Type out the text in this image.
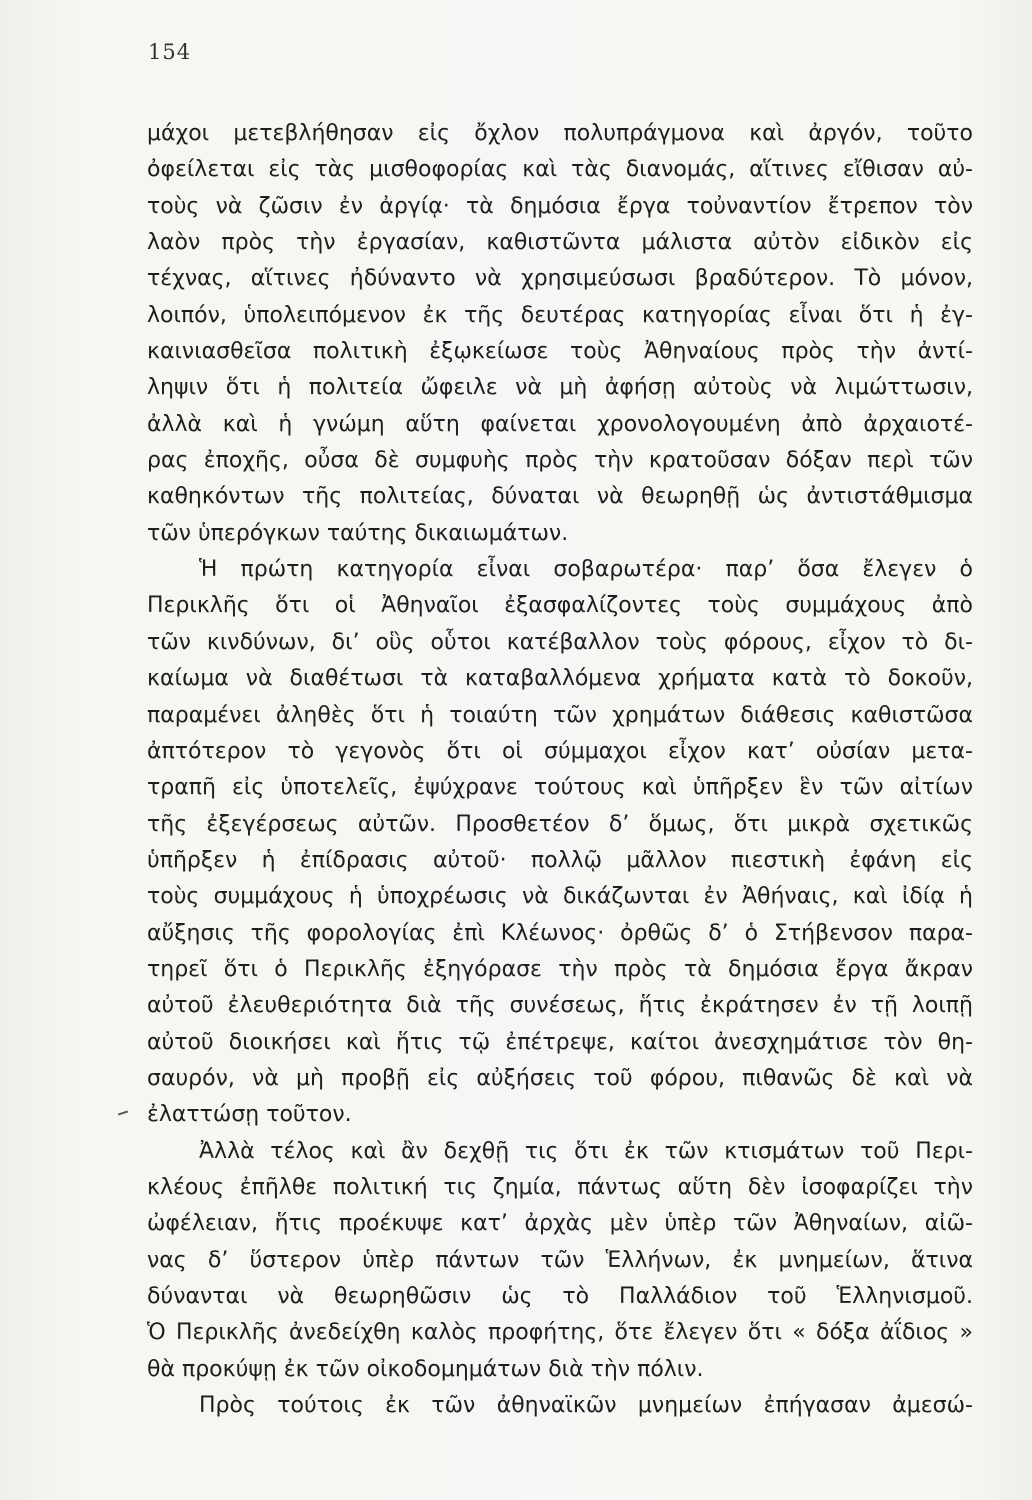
154
μάχοι μετεβλήθησαν εἰς ὄχλον πολυπράγμονα καὶ ἀργόν, τοῦτο
ὀφείλεται εἰς τὰς μισθοφορίας καὶ τὰς διανομάς, αἵτινες εἴθισαν αὐ-
τοὺς νὰ ζῶσιν ἐν ἀργίᾳ· τὰ δημόσια ἔργα τοὐναντίον ἔτρεπον τὸν
λαὸν πρὸς τὴν ἐργασίαν, καθιστῶντα μάλιστα αὐτὸν εἰδικὸν εἰς
τέχνας, αἵτινες ἠδύναντο νὰ χρησιμεύσωσι βραδύτερον. Τὸ μόνον,
λοιπόν, ὑπολειπόμενον ἐκ τῆς δευτέρας κατηγορίας εἶναι ὅτι ἡ ἐγ-
καινιασθεῖσα πολιτικὴ ἐξῳκείωσε τοὺς Ἀθηναίους πρὸς τὴν ἀντί-
ληψιν ὅτι ἡ πολιτεία ὤφειλε νὰ μὴ ἀφήσῃ αὐτοὺς νὰ λιμώττωσιν,
ἀλλὰ καὶ ἡ γνώμη αὕτη φαίνεται χρονολογουμένη ἀπὸ ἀρχαιοτέ-
ρας ἐποχῆς, οὖσα δὲ συμφυὴς πρὸς τὴν κρατοῦσαν δόξαν περὶ τῶν
καθηκόντων τῆς πολιτείας, δύναται νὰ θεωρηθῇ ὡς ἀντιστάθμισμα
τῶν ὑπερόγκων ταύτης δικαιωμάτων.
Ἡ πρώτη κατηγορία εἶναι σοβαρωτέρα· παρ’ ὅσα ἔλεγεν ὁ
Περικλῆς ὅτι οἱ Ἀθηναῖοι ἐξασφαλίζοντες τοὺς συμμάχους ἀπὸ
τῶν κινδύνων, δι’ οὓς οὗτοι κατέβαλλον τοὺς φόρους, εἶχον τὸ δι-
καίωμα νὰ διαθέτωσι τὰ καταβαλλόμενα χρήματα κατὰ τὸ δοκοῦν,
παραμένει ἀληθὲς ὅτι ἡ τοιαύτη τῶν χρημάτων διάθεσις καθιστῶσα
ἀπτότερον τὸ γεγονὸς ὅτι οἱ σύμμαχοι εἶχον κατ’ οὐσίαν μετα-
τραπῆ εἰς ὑποτελεῖς, ἐψύχρανε τούτους καὶ ὑπῆρξεν ἓν τῶν αἰτίων
τῆς ἐξεγέρσεως αὐτῶν. Προσθετέον δ’ ὅμως, ὅτι μικρὰ σχετικῶς
ὑπῆρξεν ἡ ἐπίδρασις αὐτοῦ· πολλῷ μᾶλλον πιεστικὴ ἐφάνη εἰς
τοὺς συμμάχους ἡ ὑποχρέωσις νὰ δικάζωνται ἐν Ἀθήναις, καὶ ἰδίᾳ ἡ
αὔξησις τῆς φορολογίας ἐπὶ Κλέωνος· ὀρθῶς δ’ ὁ Στήβενσον παρα-
τηρεῖ ὅτι ὁ Περικλῆς ἐξηγόρασε τὴν πρὸς τὰ δημόσια ἔργα ἄκραν
αὐτοῦ ἐλευθεριότητα διὰ τῆς συνέσεως, ἥτις ἐκράτησεν ἐν τῇ λοιπῇ
αὐτοῦ διοικήσει καὶ ἥτις τῷ ἐπέτρεψε, καίτοι ἀνεσχημάτισε τὸν θη-
σαυρόν, νὰ μὴ προβῇ εἰς αὐξήσεις τοῦ φόρου, πιθανῶς δὲ καὶ νὰ
ἐλαττώσῃ τοῦτον.
Ἀλλὰ τέλος καὶ ἂν δεχθῇ τις ὅτι ἐκ τῶν κτισμάτων τοῦ Περι-
κλέους ἐπῆλθε πολιτική τις ζημία, πάντως αὕτη δὲν ἰσοφαρίζει τὴν
ὠφέλειαν, ἥτις προέκυψε κατ’ ἀρχὰς μὲν ὑπὲρ τῶν Ἀθηναίων, αἰῶ-
νας δ’ ὕστερον ὑπὲρ πάντων τῶν Ἑλλήνων, ἐκ μνημείων, ἅτινα
δύνανται νὰ θεωρηθῶσιν ὡς τὸ Παλλάδιον τοῦ Ἑλληνισμοῦ.
Ὁ Περικλῆς ἀνεδείχθη καλὸς προφήτης, ὅτε ἔλεγεν ὅτι « δόξα ἀΐδιος »
θὰ προκύψῃ ἐκ τῶν οἰκοδομημάτων διὰ τὴν πόλιν.
Πρὸς τούτοις ἐκ τῶν ἀθηναϊκῶν μνημείων ἐπήγασαν ἀμεσώ-
